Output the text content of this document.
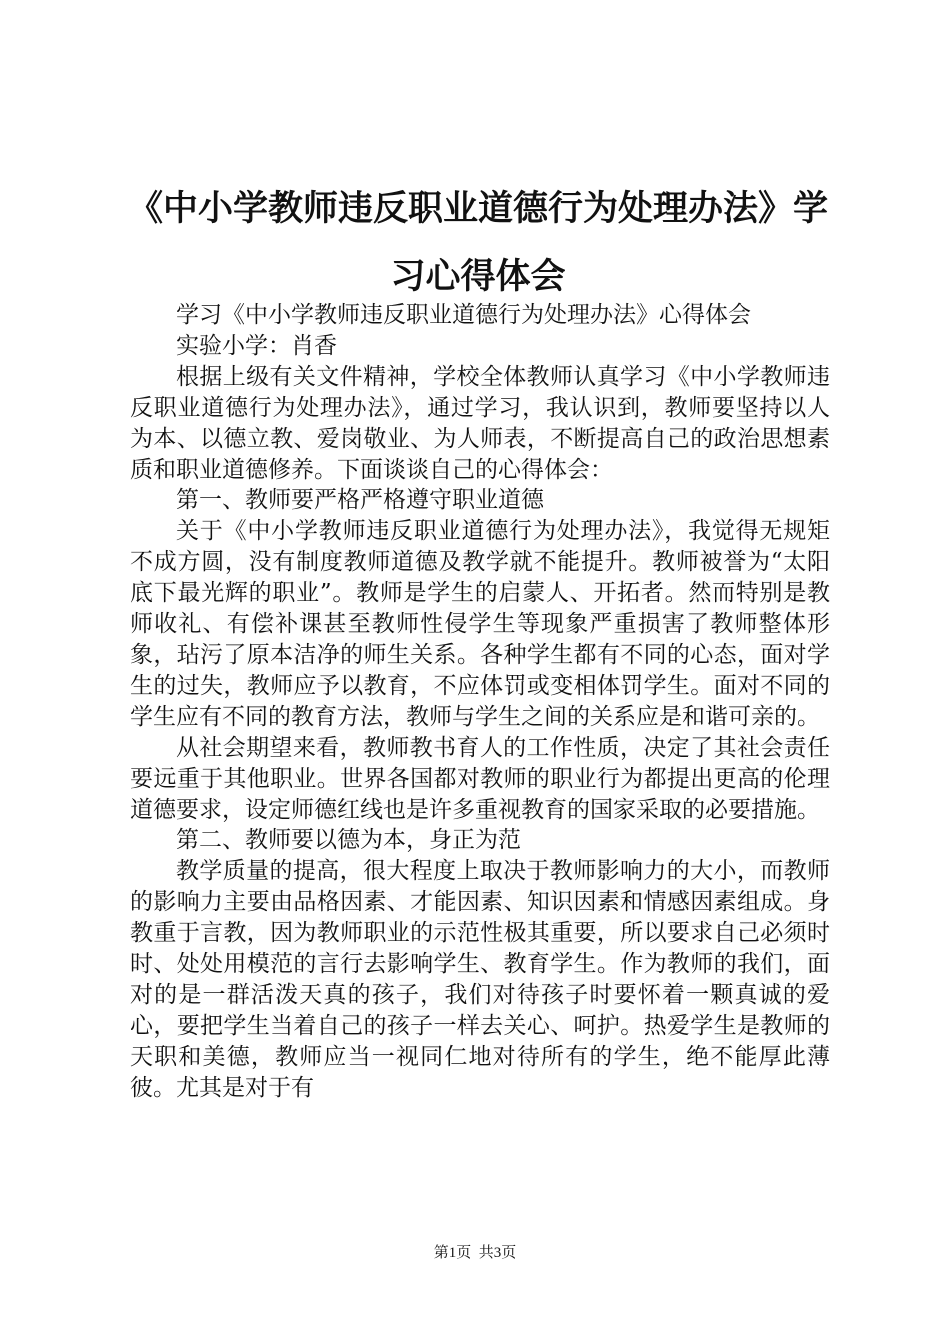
《中小学教师违反职业道德行为处理办法》学习心得体会

学习《中小学教师违反职业道德行为处理办法》心得体会

实验小学：肖香

根据上级有关文件精神，学校全体教师认真学习《中小学教师违反职业道德行为处理办法》，通过学习，我认识到，教师要坚持以人为本、以德立教、爱岗敬业、为人师表，不断提高自己的政治思想素质和职业道德修养。下面谈谈自己的心得体会：

第一、教师要严格严格遵守职业道德

关于《中小学教师违反职业道德行为处理办法》，我觉得无规矩不成方圆，没有制度教师道德及教学就不能提升。教师被誉为“太阳底下最光辉的职业”。教师是学生的启蒙人、开拓者。然而特别是教师收礼、有偿补课甚至教师性侵学生等现象严重损害了教师整体形象，玷污了原本洁净的师生关系。各种学生都有不同的心态，面对学生的过失，教师应予以教育，不应体罚或变相体罚学生。面对不同的学生应有不同的教育方法，教师与学生之间的关系应是和谐可亲的。

从社会期望来看，教师教书育人的工作性质，决定了其社会责任要远重于其他职业。世界各国都对教师的职业行为都提出更高的伦理道德要求，设定师德红线也是许多重视教育的国家采取的必要措施。

第二、教师要以德为本，身正为范

教学质量的提高，很大程度上取决于教师影响力的大小，而教师的影响力主要由品格因素、才能因素、知识因素和情感因素组成。身教重于言教，因为教师职业的示范性极其重要，所以要求自己必须时时、处处用模范的言行去影响学生、教育学生。作为教师的我们，面对的是一群活泼天真的孩子，我们对待孩子时要怀着一颗真诚的爱心，要把学生当着自己的孩子一样去关心、呵护。热爱学生是教师的天职和美德，教师应当一视同仁地对待所有的学生，绝不能厚此薄彼。尤其是对于有

第1页 共3页
